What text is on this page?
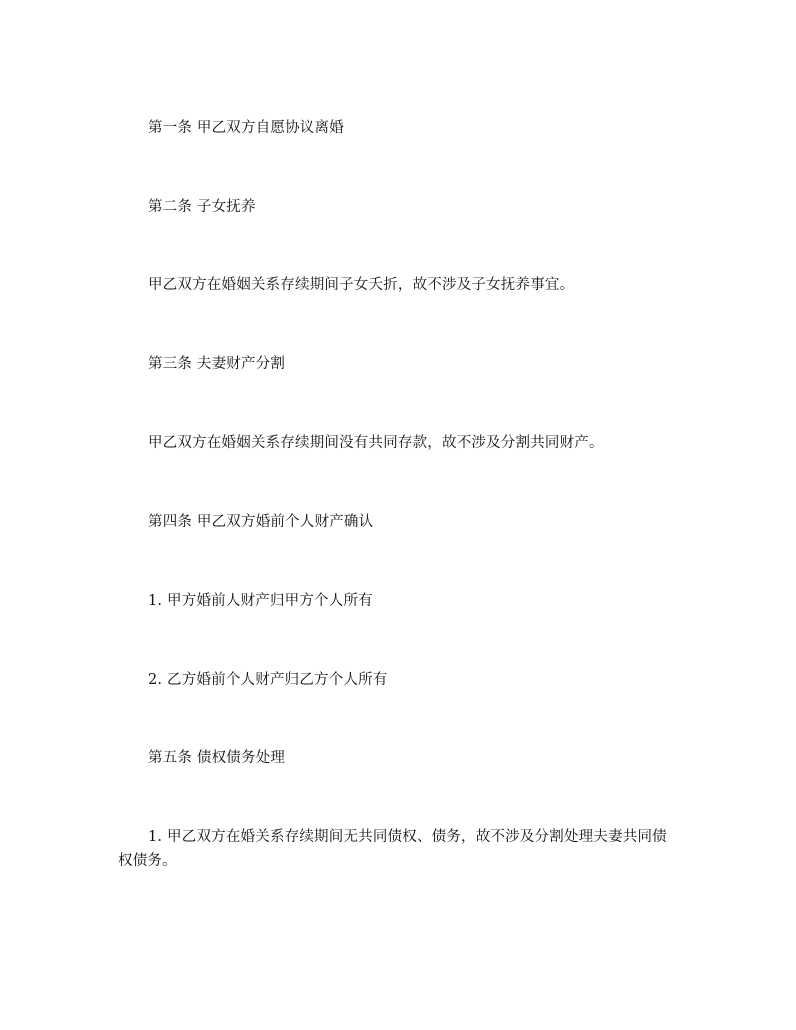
第一条 甲乙双方自愿协议离婚
第二条 子女抚养
甲乙双方在婚姻关系存续期间子女夭折，故不涉及子女抚养事宜。
第三条 夫妻财产分割
甲乙双方在婚姻关系存续期间没有共同存款，故不涉及分割共同财产。
第四条 甲乙双方婚前个人财产确认
1. 甲方婚前人财产归甲方个人所有
2. 乙方婚前个人财产归乙方个人所有
第五条 债权债务处理
1. 甲乙双方在婚关系存续期间无共同债权、债务，故不涉及分割处理夫妻共同债权债务。
